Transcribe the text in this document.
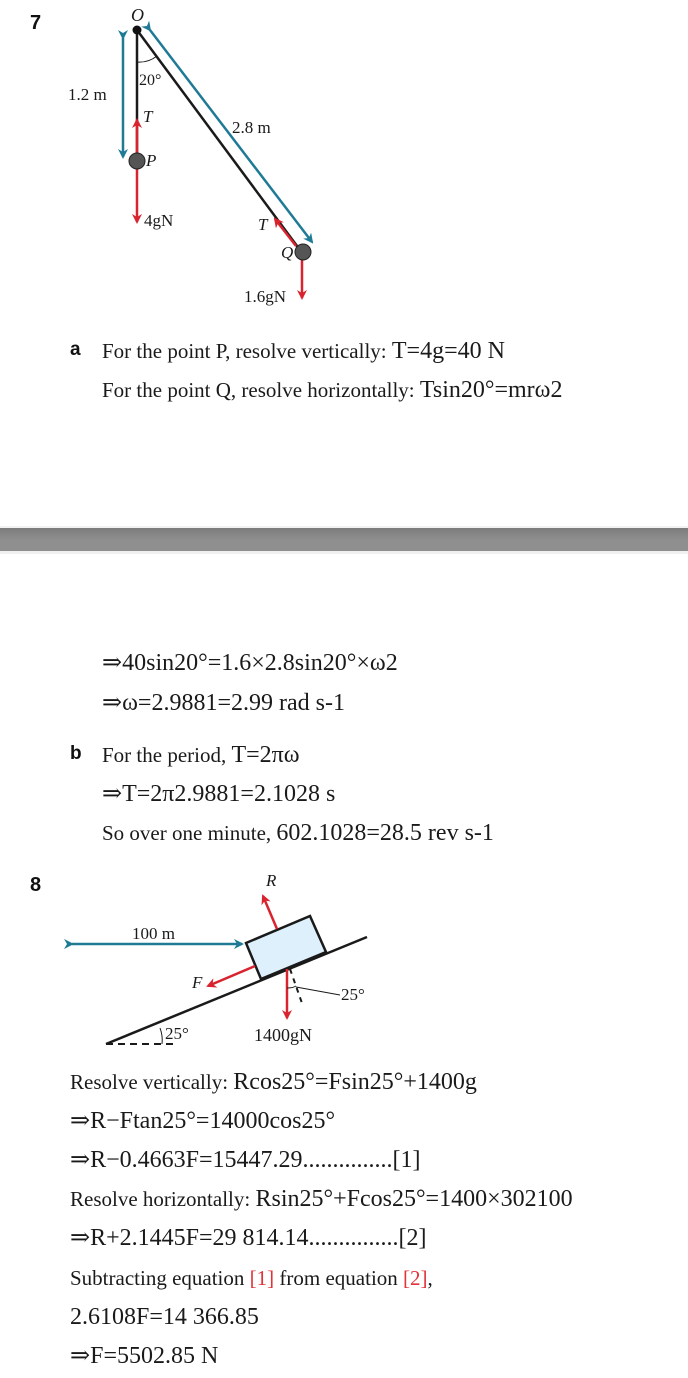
7	O
20°
1.2 m
T
2.8 m
P
4gN	T
Q
1.6gN
a For the point P, resolve vertically: T=4g=40 N
For the point Q, resolve horizontally: Tsin20°=mrω2
⇒40sin20°=1.6×2.8sin20°×ω2
⇒ω=2.9881=2.99 rad s-1
b For the period, T=2πω
⇒T=2π2.9881=2.1028 s
So over one minute, 602.1028=28.5 rev s-1
8	R
100 m
F
25°
25°	1400gN
Resolve vertically: Rcos25°=Fsin25°+1400g
⇒R−Ftan25°=14000cos25°
⇒R−0.4663F=15447.29...............[1]
Resolve horizontally: Rsin25°+Fcos25°=1400×302100
⇒R+2.1445F=29 814.14...............[2]
Subtracting equation [1] from equation [2],
2.6108F=14 366.85
⇒F=5502.85 N
